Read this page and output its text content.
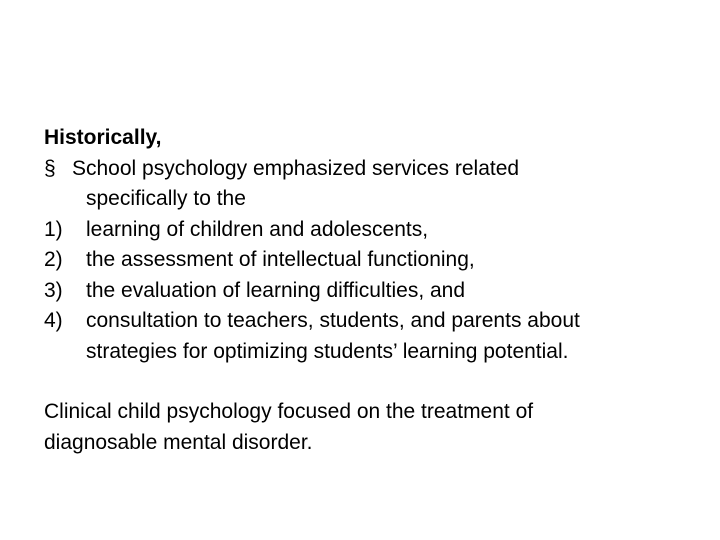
Historically,
§ School psychology emphasized services related
specifically to the
1)	learning of children and adolescents,
2)	the assessment of intellectual functioning,
3)	the evaluation of learning difficulties, and
4)	consultation to teachers, students, and parents about
strategies for optimizing students’ learning potential.
Clinical child psychology focused on the treatment of
diagnosable mental disorder.
